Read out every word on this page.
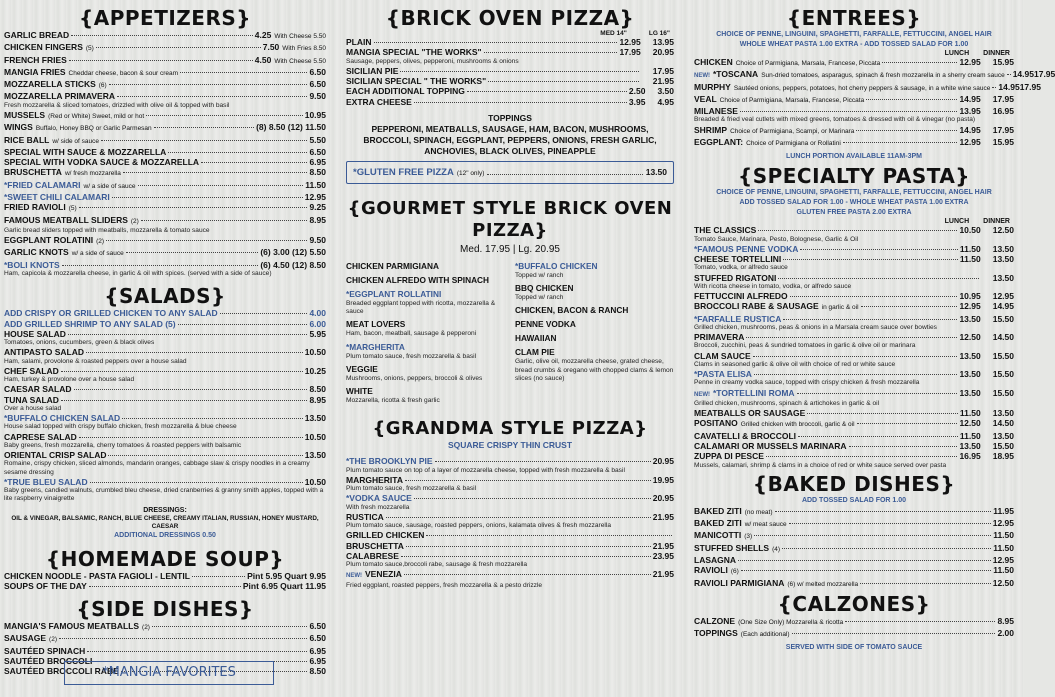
{APPETIZERS}
GARLIC BREAD	4.25 With Cheese 5.50
CHICKEN FINGERS (5)	7.50 With Fries 8.50
FRENCH FRIES	4.50 With Cheese 5.50
MANGIA FRIES Cheddar cheese, bacon & sour cream	6.50
MOZZARELLA STICKS (6)	6.50
MOZZARELLA PRIMAVERA	9.50
Fresh mozzarella & sliced tomatoes, drizzled with olive oil & topped with basil
MUSSELS (Red or White) Sweet, mild or hot	10.95
WINGS Buffalo, Honey BBQ or Garlic Parmesan	(8) 8.50 (12) 11.50
RICE BALL w/ side of sauce	5.50
SPECIAL WITH SAUCE & MOZZARELLA	6.50
SPECIAL WITH VODKA SAUCE & MOZZARELLA	6.95
BRUSCHETTA w/ fresh mozzarella	8.50
*FRIED CALAMARI w/ a side of sauce	11.50
*SWEET CHILI CALAMARI	12.95
FRIED RAVIOLI (5)	9.25
FAMOUS MEATBALL SLIDERS (2)	8.95
Garlic bread sliders topped with meatballs, mozzarella & tomato sauce
EGGPLANT ROLATINI (2)	9.50
GARLIC KNOTS w/ a side of sauce	(6) 3.00 (12) 5.50
*BOLI KNOTS	(6) 4.50 (12) 8.50
Ham, capicola & mozzarella cheese, in garlic & oil with spices. (served with a side of sauce)
{SALADS}
ADD CRISPY OR GRILLED CHICKEN TO ANY SALAD	4.00
ADD GRILLED SHRIMP TO ANY SALAD (5)	6.00
HOUSE SALAD	5.95
Tomatoes, onions, cucumbers, green & black olives
ANTIPASTO SALAD	10.50
Ham, salami, provolone & roasted peppers over a house salad
CHEF SALAD	10.25
Ham, turkey & provolone over a house salad
CAESAR SALAD	8.50
TUNA SALAD	8.95
Over a house salad
*BUFFALO CHICKEN SALAD	13.50
House salad topped with crispy buffalo chicken, fresh mozzarella & blue cheese
CAPRESE SALAD	10.50
Baby greens, fresh mozzarella, cherry tomatoes & roasted peppers with balsamic
ORIENTAL CRISP SALAD	13.50
Romaine, crispy chicken, sliced almonds, mandarin oranges, cabbage slaw & crispy noodles in a creamy sesame dressing
*TRUE BLEU SALAD	10.50
Baby greens, candied walnuts, crumbled bleu cheese, dried cranberries & granny smith apples, topped with a lite raspberry vinaigrette
DRESSINGS:
OIL & VINEGAR, BALSAMIC, RANCH, BLUE CHEESE, CREAMY ITALIAN, RUSSIAN, HONEY MUSTARD, CAESAR
ADDITIONAL DRESSINGS 0.50
{HOMEMADE SOUP}
CHICKEN NOODLE - PASTA FAGIOLI - LENTIL	Pint 5.95 Quart 9.95
SOUPS OF THE DAY	Pint 6.95 Quart 11.95
{SIDE DISHES}
MANGIA'S FAMOUS MEATBALLS (2)	6.50
SAUSAGE (2)	6.50
SAUTÉED SPINACH	6.95
SAUTÉED BROCCOLI	6.95
SAUTÉED BROCCOLI RABE	8.50
*MANGIA FAVORITES
{BRICK OVEN PIZZA}
MED 14"	LG 16"
PLAIN	12.95 13.95
MANGIA SPECIAL "THE WORKS"	17.95 20.95
Sausage, peppers, olives, pepperoni, mushrooms & onions
SICILIAN PIE	17.95
SICILIAN SPECIAL " THE WORKS"	21.95
EACH ADDITIONAL TOPPING	2.50 3.50
EXTRA CHEESE	3.95 4.95
TOPPINGS
PEPPERONI, MEATBALLS, SAUSAGE, HAM, BACON, MUSHROOMS, BROCCOLI, SPINACH, EGGPLANT, PEPPERS, ONIONS, FRESH GARLIC, ANCHOVIES, BLACK OLIVES, PINEAPPLE
*GLUTEN FREE PIZZA (12" only)	13.50
{GOURMET STYLE BRICK OVEN PIZZA}
Med. 17.95 | Lg. 20.95
CHICKEN PARMIGIANA
CHICKEN ALFREDO WITH SPINACH
*EGGPLANT ROLLATINI
Breaded eggplant topped with ricotta, mozzarella & sauce
MEAT LOVERS
Ham, bacon, meatball, sausage & pepperoni
*MARGHERITA
Plum tomato sauce, fresh mozzarella & basil
VEGGIE
Mushrooms, onions, peppers, broccoli & olives
WHITE
Mozzarella, ricotta & fresh garlic
*BUFFALO CHICKEN
Topped w/ ranch
BBQ CHICKEN
Topped w/ ranch
CHICKEN, BACON & RANCH
PENNE VODKA
HAWAIIAN
CLAM PIE
Garlic, olive oil, mozzarella cheese, grated cheese, bread crumbs & oregano with chopped clams & lemon slices (no sauce)
{GRANDMA STYLE PIZZA}
SQUARE CRISPY THIN CRUST
*THE BROOKLYN PIE	20.95
Plum tomato sauce on top of a layer of mozzarella cheese, topped with fresh mozzarella & basil
MARGHERITA	19.95
Plum tomato sauce, fresh mozzarella & basil
*VODKA SAUCE	20.95
With fresh mozzarella
RUSTICA	21.95
Plum tomato sauce, sausage, roasted peppers, onions, kalamata olives & fresh mozzarella
GRILLED CHICKEN
BRUSCHETTA	21.95
CALABRESE	23.95
Plum tomato sauce,broccoli rabe, sausage & fresh mozzarella
NEW! VENEZIA	21.95
Fried eggplant, roasted peppers, fresh mozzarella & a pesto drizzle
{ENTREES}
CHOICE OF PENNE, LINGUINI, SPAGHETTI, FARFALLE, FETTUCCINI, ANGEL HAIR
WHOLE WHEAT PASTA 1.00 EXTRA - ADD TOSSED SALAD FOR 1.00
LUNCH DINNER
CHICKEN Choice of Parmigiana, Marsala, Francese, Piccata	12.95 15.95
NEW! *TOSCANA Sun-dried tomatoes, asparagus, spinach & fresh mozzarella in a sherry cream sauce 14.95 17.95
MURPHY Sautéed onions, peppers, potatoes, hot cherry peppers & sausage, in a white wine sauce 14.95 17.95
VEAL Choice of Parmigiana, Marsala, Francese, Piccata	14.95 17.95
MILANESE	13.95 16.95
Breaded & fried veal cutlets with mixed greens, tomatoes & dressed with oil & vinegar (no pasta)
SHRIMP Choice of Parmigiana, Scampi, or Marinara	14.95 17.95
EGGPLANT: Choice of Parmigiana or Rollatini	12.95 15.95
LUNCH PORTION AVAILABLE 11AM-3PM
{SPECIALTY PASTA}
CHOICE OF PENNE, LINGUINI, SPAGHETTI, FARFALLE, FETTUCCINI, ANGEL HAIR
ADD TOSSED SALAD FOR 1.00 - WHOLE WHEAT PASTA 1.00 EXTRA
GLUTEN FREE PASTA 2.00 EXTRA
LUNCH DINNER
THE CLASSICS	10.50 12.50
Tomato Sauce, Marinara, Pesto, Bolognese, Garlic & Oil
*FAMOUS PENNE VODKA	11.50 13.50
CHEESE TORTELLINI	11.50 13.50
Tomato, vodka, or alfredo sauce
STUFFED RIGATONI	13.50
With ricotta cheese in tomato, vodka, or alfredo sauce
FETTUCCINI ALFREDO	10.95 12.95
BROCCOLI RABE & SAUSAGE in garlic & oil	12.95 14.95
*FARFALLE RUSTICA	13.50 15.50
Grilled chicken, mushrooms, peas & onions in a Marsala cream sauce over bowties
PRIMAVERA	12.50 14.50
Broccoli, zucchini, peas & sundried tomatoes in garlic & olive oil or marinara
CLAM SAUCE	13.50 15.50
Clams in seasoned garlic & olive oil with choice of red or white sauce
*PASTA ELISA	13.50 15.50
Penne in creamy vodka sauce, topped with crispy chicken & fresh mozzarella
NEW! *TORTELLINI ROMA	13.50 15.50
Grilled chicken, mushrooms, spinach & artichokes in garlic & oil
MEATBALLS OR SAUSAGE	11.50 13.50
POSITANO Grilled chicken with broccoli, garlic & oil	12.50 14.50
CAVATELLI & BROCCOLI	11.50 13.50
CALAMARI OR MUSSELS MARINARA	13.50 15.50
ZUPPA DI PESCE	16.95 18.95
Mussels, calamari, shrimp & clams in a choice of red or white sauce served over pasta
{BAKED DISHES}
ADD TOSSED SALAD FOR 1.00
BAKED ZITI (no meat)	11.95
BAKED ZITI w/ meat sauce	12.95
MANICOTTI (3)	11.50
STUFFED SHELLS (4)	11.50
LASAGNA	12.95
RAVIOLI (6)	11.50
RAVIOLI PARMIGIANA (6) w/ melted mozzarella	12.50
{CALZONES}
CALZONE (One Size Only) Mozzarella & ricotta	8.95
TOPPINGS (Each additional)	2.00
SERVED WITH SIDE OF TOMATO SAUCE
